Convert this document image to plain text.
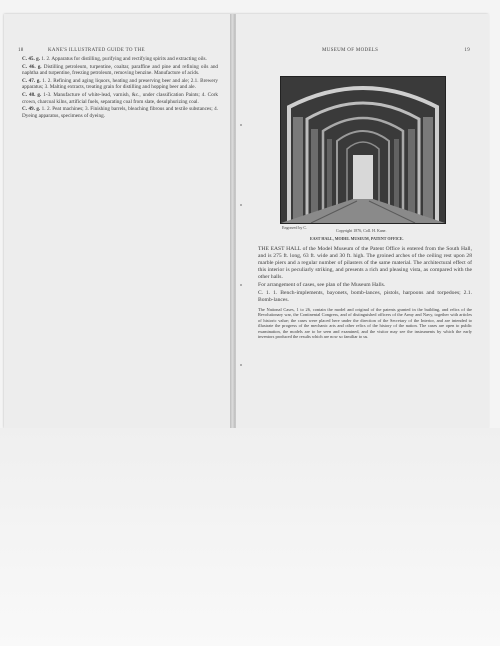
18	KANE'S ILLUSTRATED GUIDE TO THE

C. 45. g. 1. 2. Apparatus for distilling, purifying and rectifying spirits and extracting oils.

C. 46. g. Distilling petroleum, turpentine, coaltar, paraffine and pine and refining oils and naphtha and turpentine, freezing petroleum, removing benzine. Manufacture of acids.

C. 47. g. 1. 2. Refining and aging liquors, heating and preserving beer and ale; 2.1. Brewery apparatus; 3. Malting extracts, treating grain for distilling and hopping beer and ale.

C. 48. g. 1-3. Manufacture of white-lead, varnish, &c., under classification Paints; 4. Cork crown, charcoal kilns, artificial fuels, separating coal from slate, desulphurizing coal.

C. 49. g. 1. 2. Peat machines; 3. Finishing barrels, bleaching fibrous and textile substances; 4. Dyeing apparatus, specimens of dyeing.

MUSEUM OF MODELS	19
Engraved by C.
Copyright 1876, Coll. H. Kane.
EAST HALL, MODEL MUSEUM, PATENT OFFICE.

THE EAST HALL of the Model Museum of the Patent Office is entered from the South Hall, and is 275 ft. long, 63 ft. wide and 30 ft. high. The groined arches of the ceiling rest upon 28 marble piers and a regular number of pilasters of the same material. The architectural effect of this interior is peculiarly striking, and presents a rich and pleasing vista, as compared with the other halls.

For arrangement of cases, see plan of the Museum Halls.

C. 1. 1. Bench-implements, bayonets, bomb-lances, pistols, harpoons and torpedoes; 2.1. Bomb-lances.

The National Cases, 1 to 26, contain the model and original of the patents granted in the building, and relics of the Revolutionary war, the Continental Congress, and of distinguished officers of the Army and Navy, together with articles of historic value; the cases were placed here under the direction of the Secretary of the Interior, and are intended to illustrate the progress of the mechanic arts and other relics of the history of the nation. The cases are open to public examination, the models are to be seen and examined, and the visitor may see the instruments by which the early inventors produced the results which are now so familiar to us.
